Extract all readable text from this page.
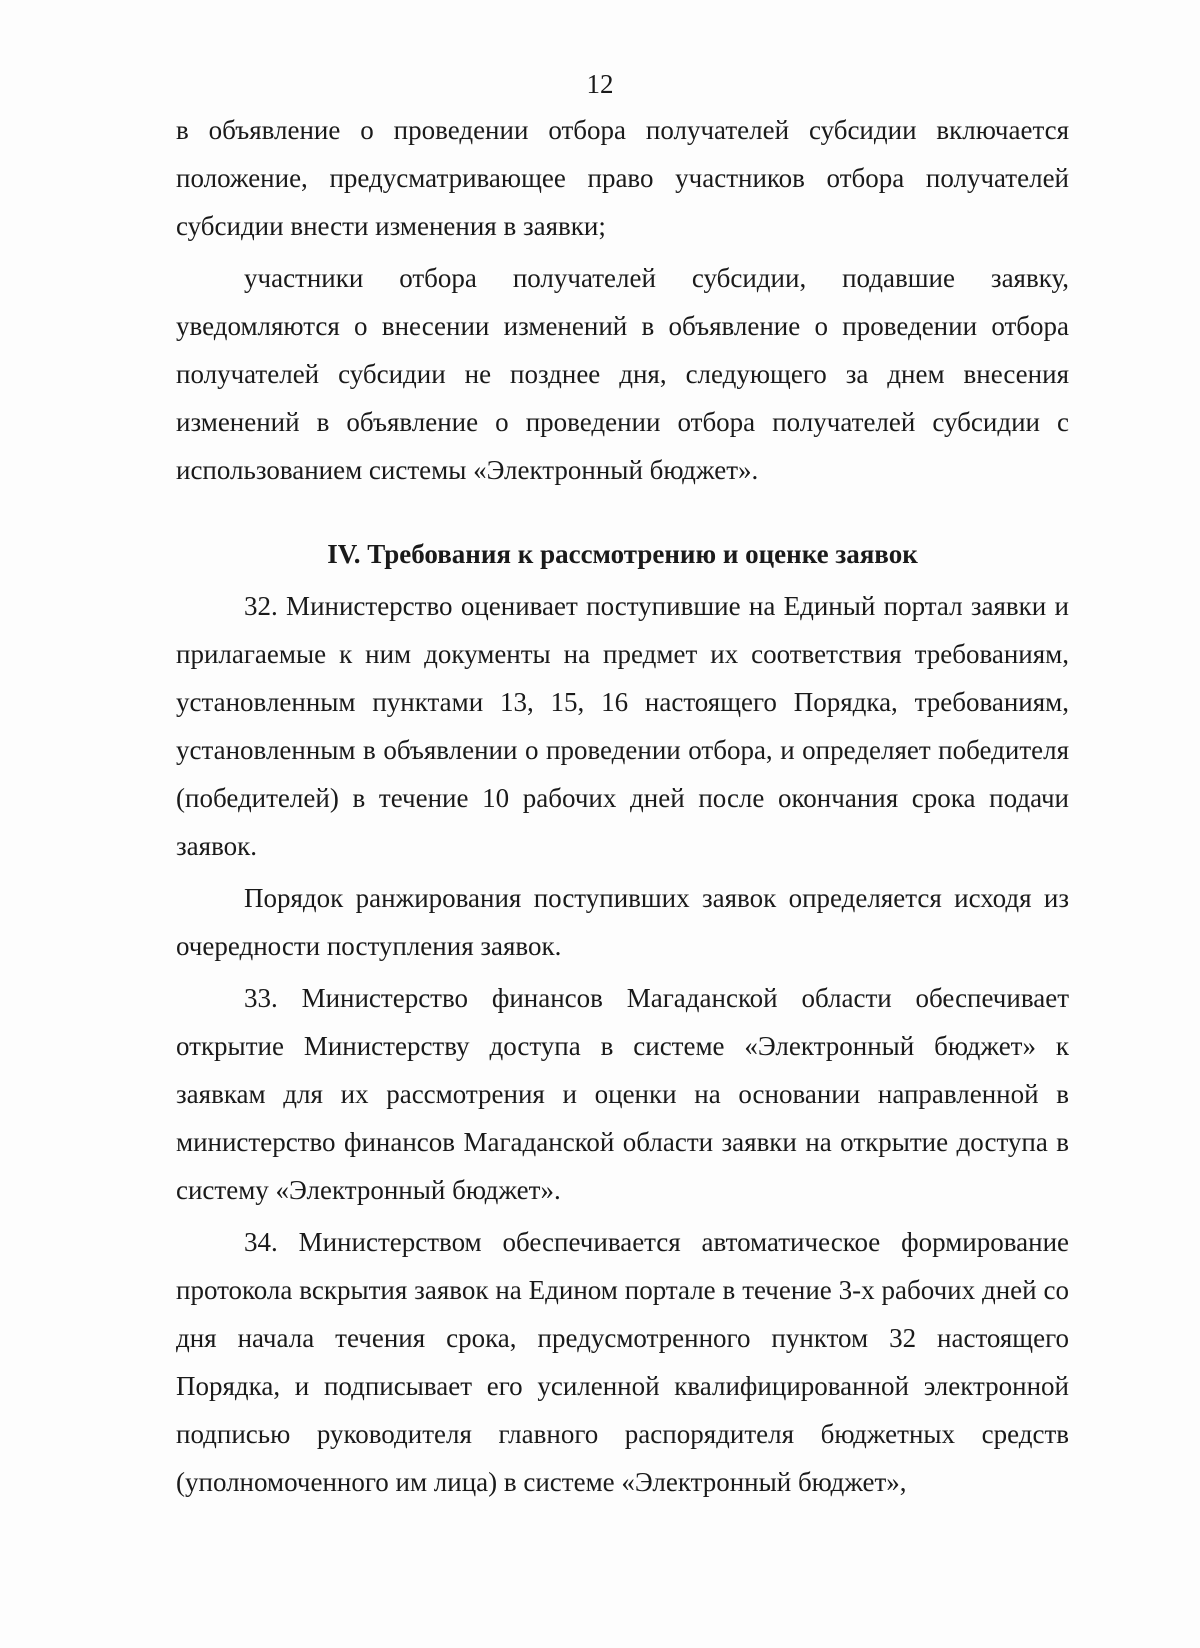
12

в объявление о проведении отбора получателей субсидии включается положение, предусматривающее право участников отбора получателей субсидии внести изменения в заявки;

участники отбора получателей субсидии, подавшие заявку, уведомляются о внесении изменений в объявление о проведении отбора получателей субсидии не позднее дня, следующего за днем внесения изменений в объявление о проведении отбора получателей субсидии с использованием системы «Электронный бюджет».

IV. Требования к рассмотрению и оценке заявок

32. Министерство оценивает поступившие на Единый портал заявки и прилагаемые к ним документы на предмет их соответствия требованиям, установленным пунктами 13, 15, 16 настоящего Порядка, требованиям, установленным в объявлении о проведении отбора, и определяет победителя (победителей) в течение 10 рабочих дней после окончания срока подачи заявок.

Порядок ранжирования поступивших заявок определяется исходя из очередности поступления заявок.

33. Министерство финансов Магаданской области обеспечивает открытие Министерству доступа в системе «Электронный бюджет» к заявкам для их рассмотрения и оценки на основании направленной в министерство финансов Магаданской области заявки на открытие доступа в систему «Электронный бюджет».

34. Министерством обеспечивается автоматическое формирование протокола вскрытия заявок на Едином портале в течение 3-х рабочих дней со дня начала течения срока, предусмотренного пунктом 32 настоящего Порядка, и подписывает его усиленной квалифицированной электронной подписью руководителя главного распорядителя бюджетных средств (уполномоченного им лица) в системе «Электронный бюджет»,
